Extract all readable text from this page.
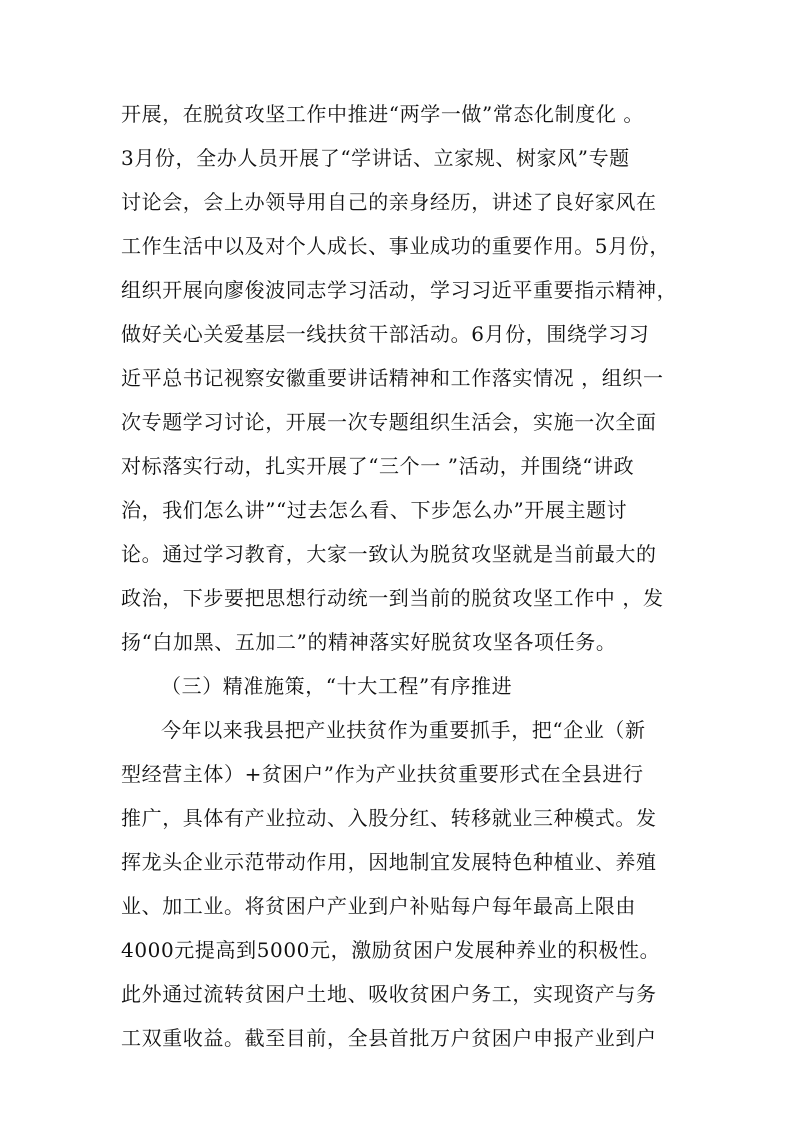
开展，在脱贫攻坚工作中推进“两学一做”常态化制度化 。
3月份，全办人员开展了“学讲话、立家规、树家风”专题
讨论会，会上办领导用自己的亲身经历，讲述了良好家风在
工作生活中以及对个人成长、事业成功的重要作用。5月份，
组织开展向廖俊波同志学习活动，学习习近平重要指示精神，
做好关心关爱基层一线扶贫干部活动。6月份，围绕学习习
近平总书记视察安徽重要讲话精神和工作落实情况 ，组织一
次专题学习讨论，开展一次专题组织生活会，实施一次全面
对标落实行动，扎实开展了“三个一 ”活动，并围绕“讲政
治，我们怎么讲”“过去怎么看、下步怎么办”开展主题讨
论。通过学习教育，大家一致认为脱贫攻坚就是当前最大的
政治，下步要把思想行动统一到当前的脱贫攻坚工作中 ，发
扬“白加黑、五加二”的精神落实好脱贫攻坚各项任务。
（三）精准施策，“十大工程”有序推进
今年以来我县把产业扶贫作为重要抓手，把“企业（新
型经营主体）+贫困户”作为产业扶贫重要形式在全县进行
推广，具体有产业拉动、入股分红、转移就业三种模式。发
挥龙头企业示范带动作用，因地制宜发展特色种植业、养殖
业、加工业。将贫困户产业到户补贴每户每年最高上限由
4000元提高到5000元，激励贫困户发展种养业的积极性。
此外通过流转贫困户土地、吸收贫困户务工，实现资产与务
工双重收益。截至目前，全县首批万户贫困户申报产业到户
